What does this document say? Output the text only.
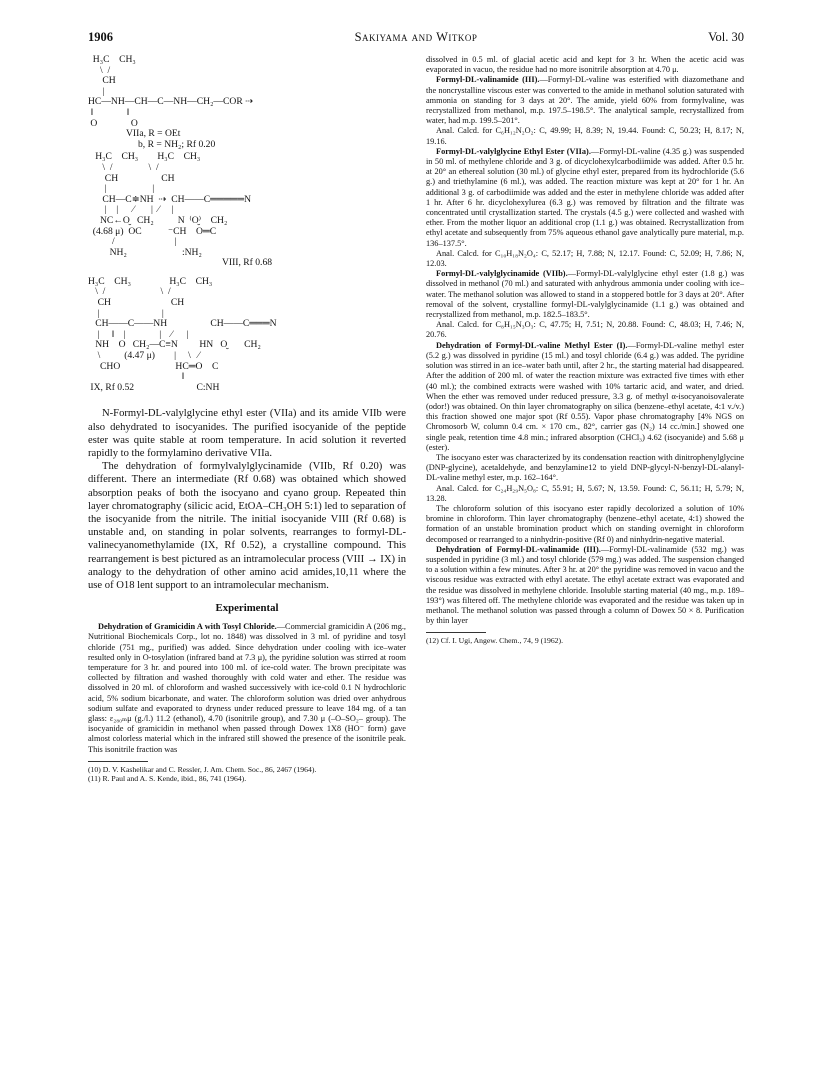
1906	Sakiyama and Witkop	Vol. 30
H₃C    CH₃
\  /
CH
|
HC—NH—CH—C—NH—CH₂—COR ⇢
‖              ‖
O              O
VIIa, R = OEt
b, R = NH₂; Rf 0.20
H₃C    CH₃        H₃C    CH₃
\  /               \  /
CH                  CH
|                   |
CH—C≑NH  ⇢  CH——C═════N
|    |      ⁄       |  ⁄     |
NC←O̮   CH₂          N  ⁽O̮⁾    CH₂
(4.68 μ)  OC           ⁻CH    O═C
/                         |
NH₂                       :NH₂
VIII, Rf 0.68
H₃C    CH₃                H₃C    CH₃
\  /                       \  /
CH                         CH
|                          |
CH——C——NH                  CH——C═══N
|     ‖    |              |    ⁄      |
NH    O   CH₂—C≡N         HN   O̮       CH₂
\          (4.47 μ)        |     \   ⁄
CHO                       HC═O    C
‖
IX, Rf 0.52                          C:NH

N-Formyl-DL-valylglycine ethyl ester (VIIa) and its amide VIIb were also dehydrated to isocyanides. The purified isocyanide of the peptide ester was quite stable at room temperature. In acid solution it reverted rapidly to the formylamino derivative VIIa.

The dehydration of formylvalylglycinamide (VIIb, Rf 0.20) was different. There an intermediate (Rf 0.68) was obtained which showed absorption peaks of both the isocyano and cyano group. Repeated thin layer chromatography (silicic acid, EtOA–CH₃OH 5:1) led to separation of the isocyanide from the nitrile. The initial isocyanide VIII (Rf 0.68) is unstable and, on standing in polar solvents, rearranges to formyl-DL-valinecyanomethylamide (IX, Rf 0.52), a crystalline compound. This rearrangement is best pictured as an intramolecular process (VIII → IX) in analogy to the dehydration of other amino acid amides,10,11 where the use of O18 lent support to an intramolecular mechanism.

Experimental

Dehydration of Gramicidin A with Tosyl Chloride.—Commercial gramicidin A (206 mg., Nutritional Biochemicals Corp., lot no. 1848) was dissolved in 3 ml. of pyridine and tosyl chloride (751 mg., purified) was added. Since dehydration under cooling with ice–water resulted only in O-tosylation (infrared band at 7.3 μ), the pyridine solution was stirred at room temperature for 3 hr. and poured into 100 ml. of ice-cold water. The brown precipitate was collected by filtration and washed thoroughly with cold water and ether. The residue was dissolved in 20 ml. of chloroform and washed successively with ice-cold 0.1 N hydrochloric acid, 5% sodium bicarbonate, and water. The chloroform solution was dried over anhydrous sodium sulfate and evaporated to dryness under reduced pressure to leave 184 mg. of a tan glass: ε₂₈₀ₘμ (g./l.) 11.2 (ethanol), 4.70 (isonitrile group), and 7.30 μ (–O–SO₂– group). The isocyanide of gramicidin in methanol when passed through Dowex 1X8 (HO⁻ form) gave almost colorless material which in the infrared still showed the presence of the isonitrile peak. This isonitrile fraction was

(10) D. V. Kashelikar and C. Ressler, J. Am. Chem. Soc., 86, 2467 (1964).
(11) R. Paul and A. S. Kende, ibid., 86, 741 (1964).

dissolved in 0.5 ml. of glacial acetic acid and kept for 3 hr. When the acetic acid was evaporated in vacuo, the residue had no more isonitrile absorption at 4.70 μ.

Formyl-DL-valinamide (III).—Formyl-DL-valine was esterified with diazomethane and the noncrystalline viscous ester was converted to the amide in methanol solution saturated with ammonia on standing for 3 days at 20°. The amide, yield 60% from formylvaline, was recrystallized from methanol, m.p. 197.5–198.5°. The analytical sample, recrystallized from water, had m.p. 199.5–201°.

Anal. Calcd. for C₆H₁₂N₂O₂: C, 49.99; H, 8.39; N, 19.44. Found: C, 50.23; H, 8.17; N, 19.16.

Formyl-DL-valylglycine Ethyl Ester (VIIa).—Formyl-DL-valine (4.35 g.) was suspended in 50 ml. of methylene chloride and 3 g. of dicyclohexylcarbodiimide was added. After 0.5 hr. at 20° an ethereal solution (30 ml.) of glycine ethyl ester, prepared from its hydrochloride (5.6 g.) and triethylamine (6 ml.), was added. The reaction mixture was kept at 20° for 1 hr. An additional 3 g. of carbodiimide was added and the ester in methylene chloride was added after 1 hr. After 6 hr. dicyclohexylurea (6.3 g.) was removed by filtration and the filtrate was concentrated until crystallization started. The crystals (4.5 g.) were collected and washed with ether. From the mother liquor an additional crop (1.1 g.) was obtained. Recrystallization from ethyl acetate and subsequently from 75% aqueous ethanol gave analytically pure material, m.p. 136–137.5°.

Anal. Calcd. for C₁₀H₁₈N₂O₄: C, 52.17; H, 7.88; N, 12.17. Found: C, 52.09; H, 7.86; N, 12.03.

Formyl-DL-valylglycinamide (VIIb).—Formyl-DL-valylglycine ethyl ester (1.8 g.) was dissolved in methanol (70 ml.) and saturated with anhydrous ammonia under cooling with ice–water. The methanol solution was allowed to stand in a stoppered bottle for 3 days at 20°. After removal of the solvent, crystalline formyl-DL-valylglycinamide (1.1 g.) was obtained and recrystallized from methanol, m.p. 182.5–183.5°.

Anal. Calcd. for C₈H₁₅N₃O₃: C, 47.75; H, 7.51; N, 20.88. Found: C, 48.03; H, 7.46; N, 20.76.

Dehydration of Formyl-DL-valine Methyl Ester (I).—Formyl-DL-valine methyl ester (5.2 g.) was dissolved in pyridine (15 ml.) and tosyl chloride (6.4 g.) was added. The pyridine solution was stirred in an ice–water bath until, after 2 hr., the starting material had disappeared. After the addition of 200 ml. of water the reaction mixture was extracted five times with ether (40 ml.); the combined extracts were washed with 10% tartaric acid, and water, and dried. When the ether was removed under reduced pressure, 3.3 g. of methyl α-isocyanoisovalerate (odor!) was obtained. On thin layer chromatography on silica (benzene–ethyl acetate, 4:1 v./v.) this fraction showed one major spot (Rf 0.55). Vapor phase chromatography [4% NGS on Chromosorb W, column 0.4 cm. × 170 cm., 82°, carrier gas (N₂) 14 cc./min.] showed one single peak, retention time 4.8 min.; infrared absorption (CHCl₃) 4.62 (isocyanide) and 5.68 μ (ester).

The isocyano ester was characterized by its condensation reaction with dinitrophenylglycine (DNP-glycine), acetaldehyde, and benzylamine12 to yield DNP-glycyl-N-benzyl-DL-alanyl-DL-valine methyl ester, m.p. 162–164°.

Anal. Calcd. for C₂₄H₂₉N₅O₈: C, 55.91; H, 5.67; N, 13.59. Found: C, 56.11; H, 5.79; N, 13.28.

The chloroform solution of this isocyano ester rapidly decolorized a solution of 10% bromine in chloroform. Thin layer chromatography (benzene–ethyl acetate, 4:1) showed the formation of an unstable bromination product which on standing overnight in chloroform decomposed or rearranged to a ninhydrin-positive (Rf 0) and ninhydrin-negative material.

Dehydration of Formyl-DL-valinamide (III).—Formyl-DL-valinamide (532 mg.) was suspended in pyridine (3 ml.) and tosyl chloride (579 mg.) was added. The suspension changed to a solution within a few minutes. After 3 hr. at 20° the pyridine was removed in vacuo and the viscous residue was extracted with ethyl acetate. The ethyl acetate extract was evaporated and the residue was dissolved in methylene chloride. Insoluble starting material (40 mg., m.p. 189–193°) was filtered off. The methylene chloride was evaporated and the residue was taken up in methanol. The methanol solution was passed through a column of Dowex 50 × 8. Purification by thin layer

(12) Cf. I. Ugi, Angew. Chem., 74, 9 (1962).
